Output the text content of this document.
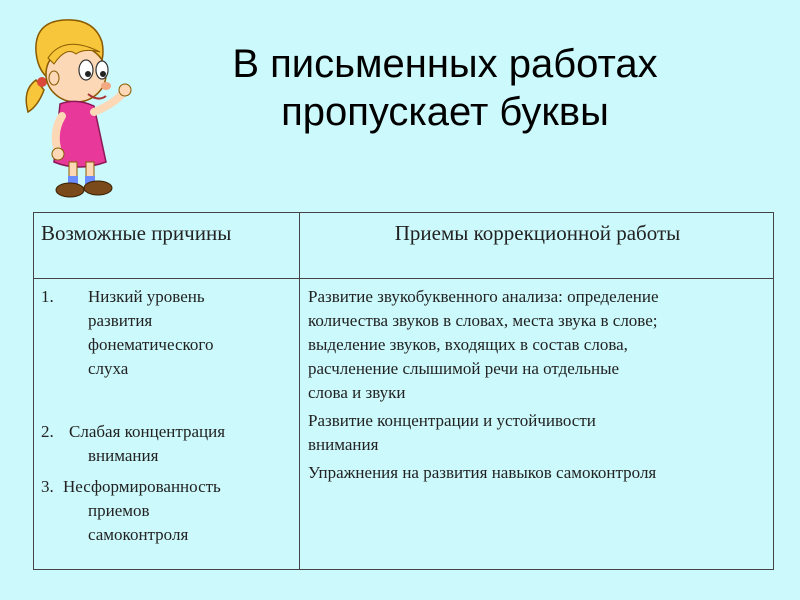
В письменных работах
пропускает буквы
Возможные причины	Приемы коррекционной работы
1. Низкий уровень
развития
фонематического
слуха
2. Слабая концентрация
внимания
3. Несформированность
приемов
самоконтроля
Развитие звукобуквенного анализа: определение
количества звуков в словах, места звука в слове;
выделение звуков, входящих в состав слова,
расчленение слышимой речи на отдельные
слова и звуки
Развитие концентрации и устойчивости
внимания
Упражнения на развития навыков самоконтроля
